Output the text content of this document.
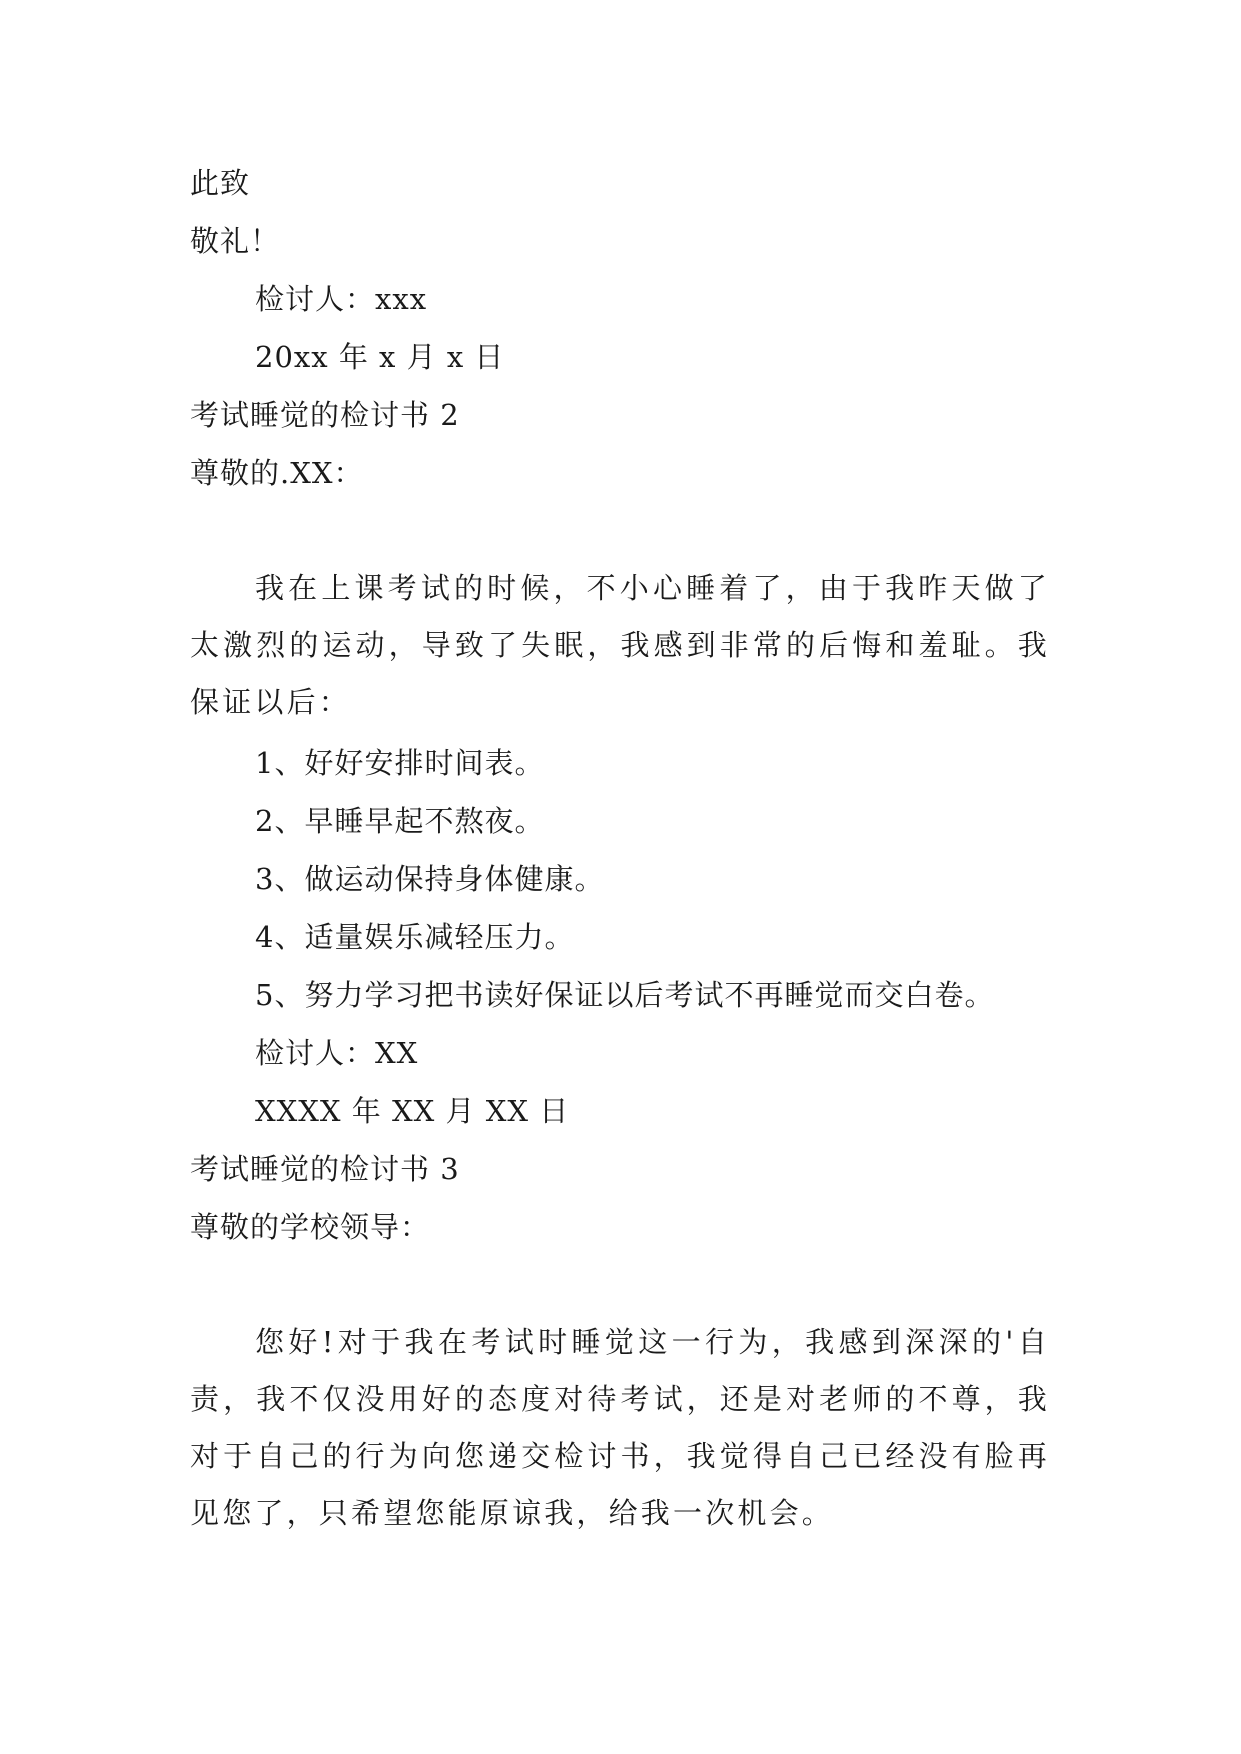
此致
敬礼！
检讨人：xxx
20xx 年 x 月 x 日
考试睡觉的检讨书 2
尊敬的.XX：
我在上课考试的时候，不小心睡着了，由于我昨天做了太激烈的运动，导致了失眠，我感到非常的后悔和羞耻。我保证以后：
1、好好安排时间表。
2、早睡早起不熬夜。
3、做运动保持身体健康。
4、适量娱乐减轻压力。
5、努力学习把书读好保证以后考试不再睡觉而交白卷。
检讨人：XX
XXXX 年 XX 月 XX 日
考试睡觉的检讨书 3
尊敬的学校领导：
您好!对于我在考试时睡觉这一行为，我感到深深的'自责，我不仅没用好的态度对待考试，还是对老师的不尊，我对于自己的行为向您递交检讨书，我觉得自己已经没有脸再见您了，只希望您能原谅我，给我一次机会。
